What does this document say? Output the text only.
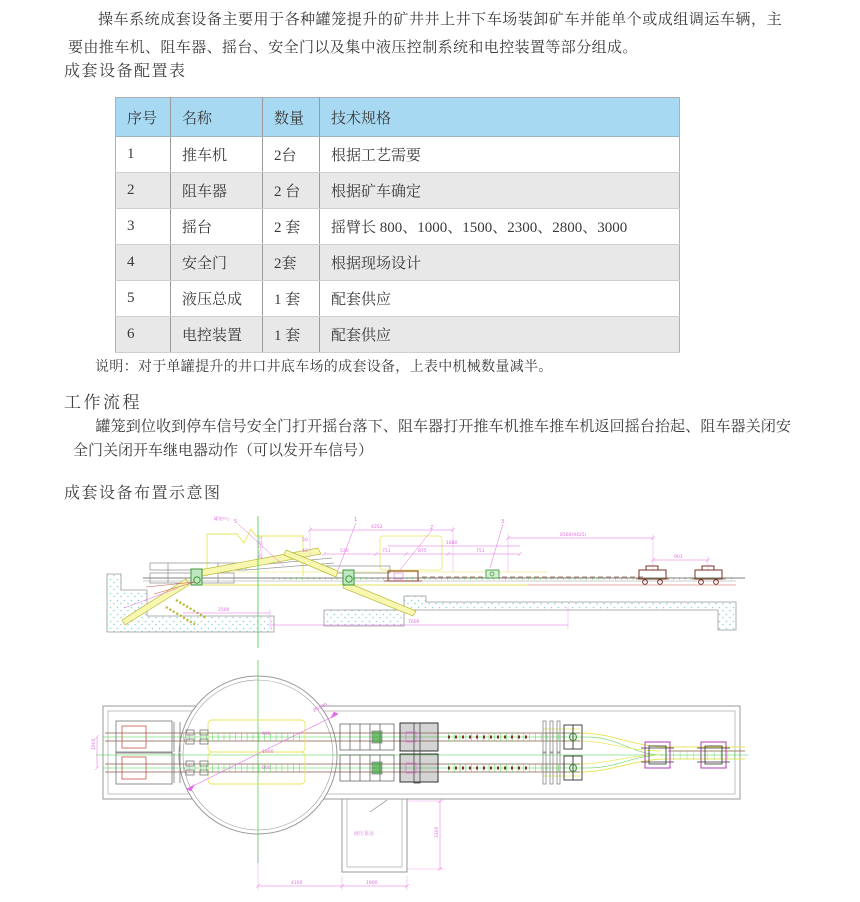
操车系统成套设备主要用于各种罐笼提升的矿井井上井下车场装卸矿车并能单个或成组调运车辆，主要由推车机、阻车器、摇台、安全门以及集中液压控制系统和电控装置等部分组成。

成套设备配置表
序号	名称	数量	技术规格
1	推车机	2台	根据工艺需要
2	阻车器	2 台	根据矿车确定
3	摇台	2 套	摇臂长 800、1000、1500、2300、2800、3000
4	安全门	2套	根据现场设计
5	液压总成	1 套	配套供应
6	电控装置	1 套	配套供应

说明：对于单罐提升的井口井底车场的成套设备，上表中机械数量减半。

工作流程

罐笼到位收到停车信号安全门打开摇台落下、阻车器打开推车机推车推车机返回摇台抬起、阻车器关闭安全门关闭开车继电器动作（可以发开车信号）

成套设备布置示意图
井筒中心线
罐笼中心
4252
8560(9425)
1880
530	751	875	751
50
43
901
2500
7600
5	1
2
3
液压泵房
Ø6500
1900
900
1900
900
4100	1900
3300
